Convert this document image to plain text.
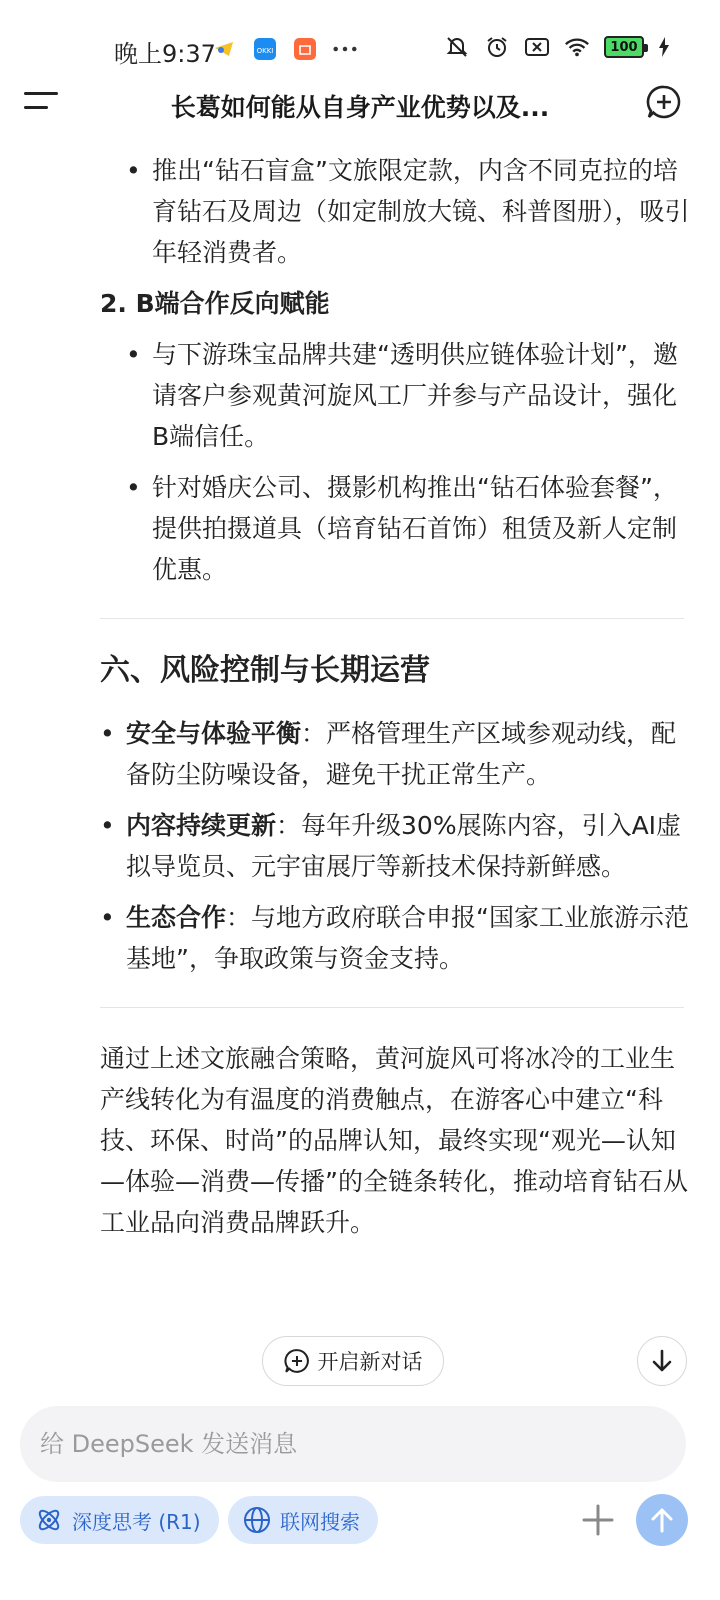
晚上9:37	OKKI	100
长葛如何能从自身产业优势以及...
• 推出“钻石盲盒”文旅限定款，内含不同克拉的培育钻石及周边（如定制放大镜、科普图册），吸引年轻消费者。
2. B端合作反向赋能
• 与下游珠宝品牌共建“透明供应链体验计划”，邀请客户参观黄河旋风工厂并参与产品设计，强化B端信任。
• 针对婚庆公司、摄影机构推出“钻石体验套餐”，提供拍摄道具（培育钻石首饰）租赁及新人定制优惠。
六、风险控制与长期运营
• 安全与体验平衡：严格管理生产区域参观动线，配备防尘防噪设备，避免干扰正常生产。
• 内容持续更新：每年升级30%展陈内容，引入AI虚拟导览员、元宇宙展厅等新技术保持新鲜感。
• 生态合作：与地方政府联合申报“国家工业旅游示范基地”，争取政策与资金支持。
通过上述文旅融合策略，黄河旋风可将冰冷的工业生产线转化为有温度的消费触点，在游客心中建立“科技、环保、时尚”的品牌认知，最终实现“观光—认知—体验—消费—传播”的全链条转化，推动培育钻石从工业品向消费品牌跃升。
开启新对话
给 DeepSeek 发送消息
深度思考 (R1)	联网搜索
